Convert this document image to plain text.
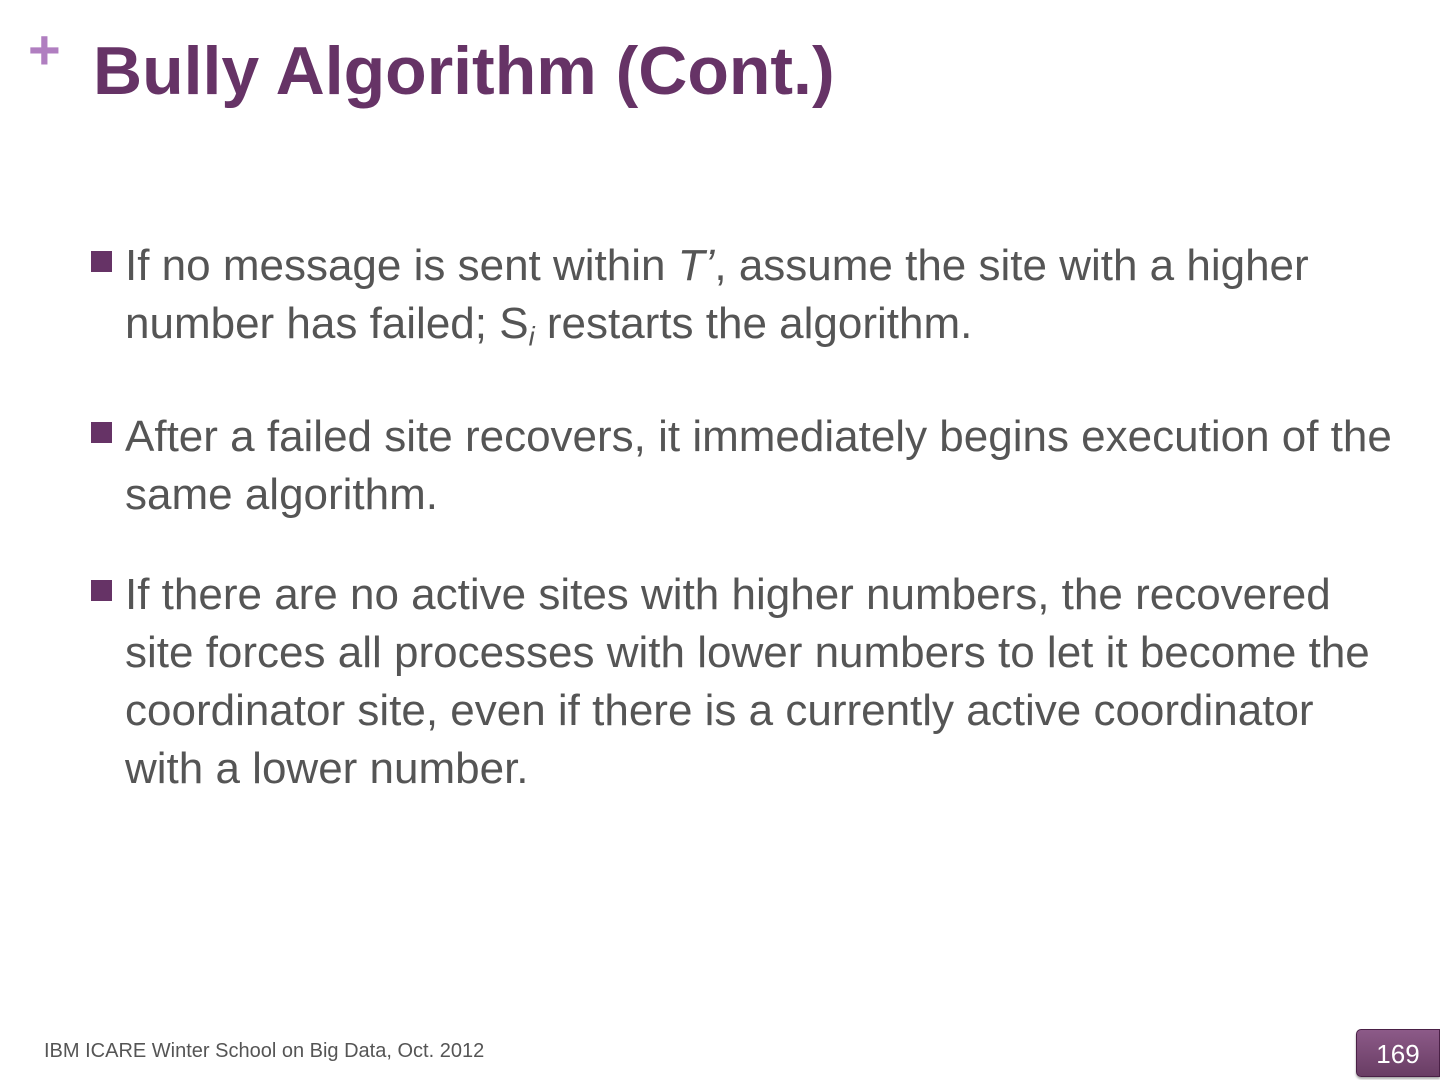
+ Bully Algorithm (Cont.)
If no message is sent within T’, assume the site with a higher number has failed; $S_i$ restarts the algorithm.
After a failed site recovers, it immediately begins execution of the same algorithm.
If there are no active sites with higher numbers, the recovered site forces all processes with lower numbers to let it become the coordinator site, even if there is a currently active coordinator with a lower number.
IBM ICARE Winter School on Big Data, Oct. 2012	169
